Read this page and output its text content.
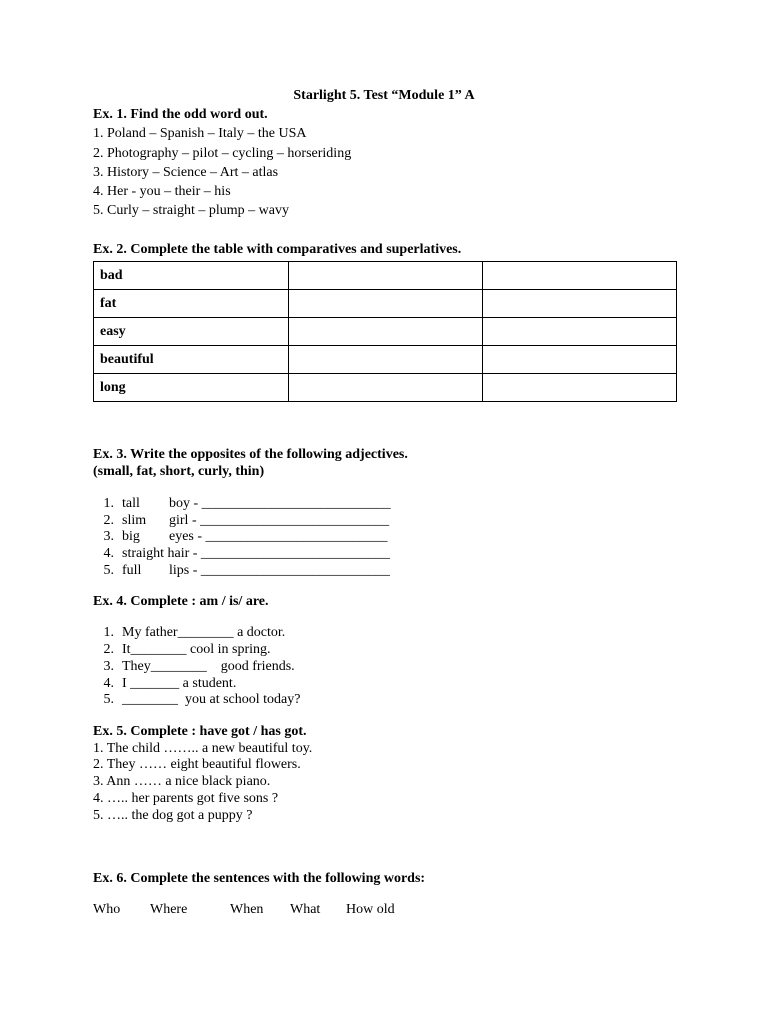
Starlight 5. Test “Module 1” A
Ex. 1. Find the odd word out.
1. Poland – Spanish – Italy – the USA
2. Photography – pilot – cycling – horseriding
3. History – Science – Art – atlas
4. Her - you – their – his
5. Curly – straight – plump – wavy
Ex. 2. Complete the table with comparatives and superlatives.
bad		
fat		
easy		
beautiful		
long		
Ex. 3. Write the opposites of the following adjectives.
(small, fat, short, curly, thin)
1. tall boy - ___________________________
2. slim girl - ___________________________
3. big eyes - __________________________
4. straight hair - ___________________________
5. full lips - ___________________________
Ex. 4. Complete : am / is/ are.
1. My father________ a doctor.
2. It________ cool in spring.
3. They________    good friends.
4. I _______ a student.
5. ________  you at school today?
Ex. 5. Complete : have got / has got.
1. The child …….. a new beautiful toy.
2. They …… eight beautiful flowers.
3. Ann …… a nice black piano.
4. ….. her parents got five sons ?
5. ….. the dog got a puppy ?
Ex. 6. Complete the sentences with the following words:
Who Where	When What How old
